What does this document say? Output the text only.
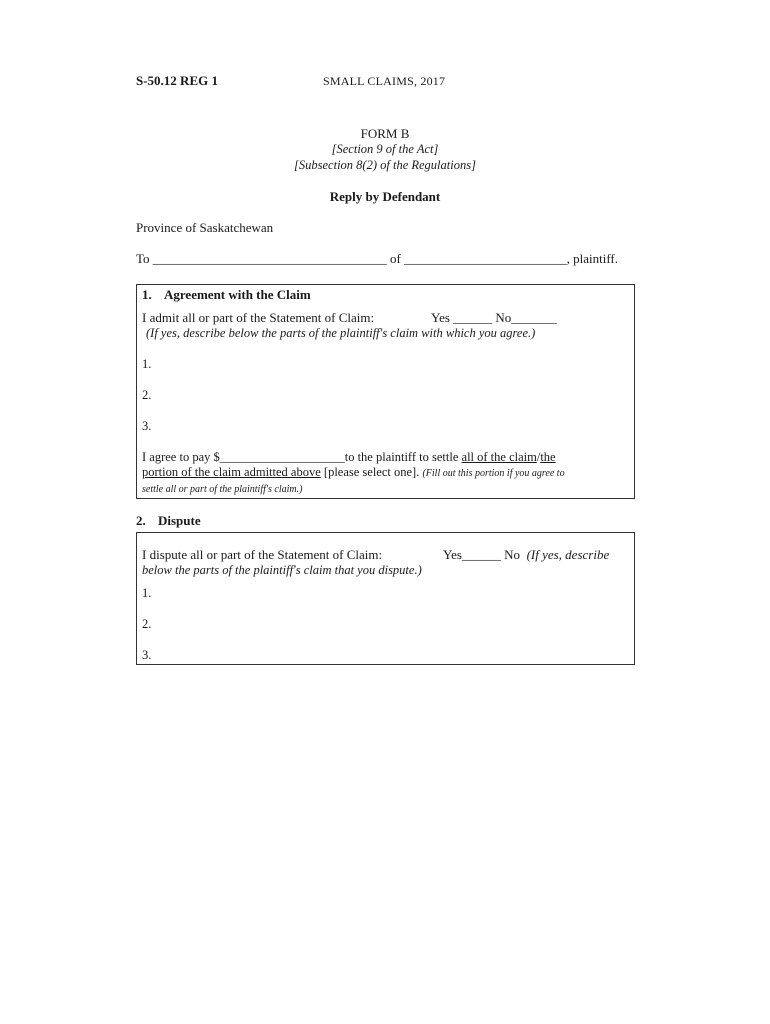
S-50.12 REG 1	SMALL CLAIMS, 2017
FORM B
[Section 9 of the Act]
[Subsection 8(2) of the Regulations]
Reply by Defendant
Province of Saskatchewan
To ____________________________________ of _________________________, plaintiff.
1. Agreement with the Claim
I admit all or part of the Statement of Claim:	Yes ______ No_______
(If yes, describe below the parts of the plaintiff's claim with which you agree.)
1.
2.
3.
I agree to pay $____________________to the plaintiff to settle all of the claim/the
portion of the claim admitted above [please select one]. (Fill out this portion if you agree to
settle all or part of the plaintiff's claim.)
2. Dispute
I dispute all or part of the Statement of Claim:	Yes______ No (If yes, describe
below the parts of the plaintiff's claim that you dispute.)
1.
2.
3.
